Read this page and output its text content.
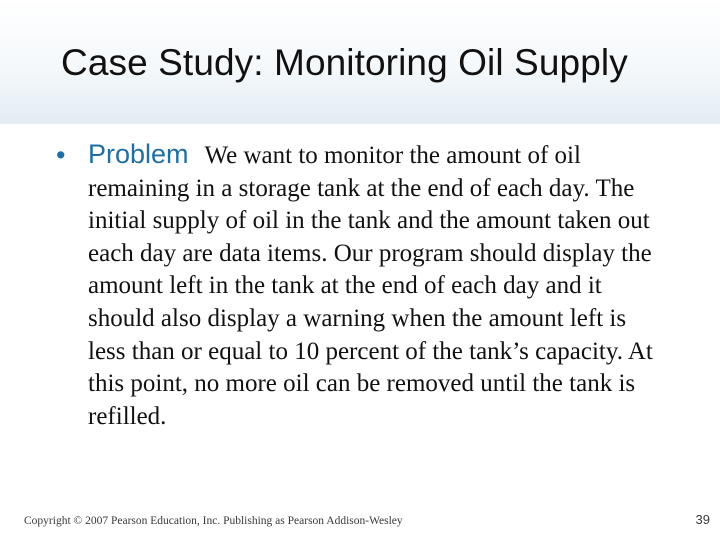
Case Study: Monitoring Oil Supply
• Problem We want to monitor the amount of oil remaining in a storage tank at the end of each day. The initial supply of oil in the tank and the amount taken out each day are data items. Our program should display the amount left in the tank at the end of each day and it should also display a warning when the amount left is less than or equal to 10 percent of the tank’s capacity. At this point, no more oil can be removed until the tank is refilled.

Copyright © 2007 Pearson Education, Inc. Publishing as Pearson Addison-Wesley	39
